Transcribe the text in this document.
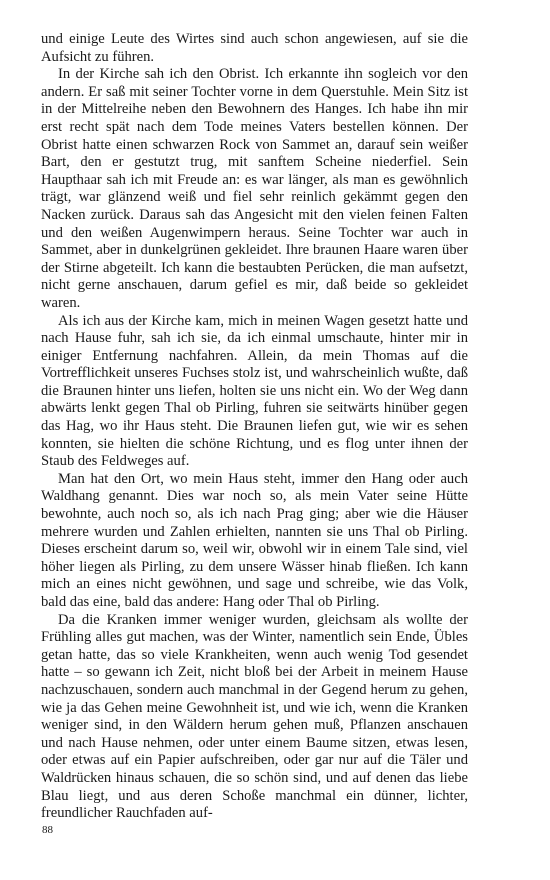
und einige Leute des Wirtes sind auch schon angewiesen, auf sie die Aufsicht zu führen.

In der Kirche sah ich den Obrist. Ich erkannte ihn sogleich vor den andern. Er saß mit seiner Tochter vorne in dem Querstuhle. Mein Sitz ist in der Mittelreihe neben den Bewohnern des Hanges. Ich habe ihn mir erst recht spät nach dem Tode meines Vaters bestellen können. Der Obrist hatte einen schwarzen Rock von Sammet an, darauf sein weißer Bart, den er gestutzt trug, mit sanftem Scheine niederfiel. Sein Haupthaar sah ich mit Freude an: es war länger, als man es gewöhnlich trägt, war glänzend weiß und fiel sehr reinlich gekämmt gegen den Nacken zurück. Daraus sah das Angesicht mit den vielen feinen Falten und den weißen Augenwimpern heraus. Seine Tochter war auch in Sammet, aber in dunkelgrünen gekleidet. Ihre braunen Haare waren über der Stirne abgeteilt. Ich kann die bestaubten Perücken, die man aufsetzt, nicht gerne anschauen, darum gefiel es mir, daß beide so gekleidet waren.

Als ich aus der Kirche kam, mich in meinen Wagen gesetzt hatte und nach Hause fuhr, sah ich sie, da ich einmal umschaute, hinter mir in einiger Entfernung nachfahren. Allein, da mein Thomas auf die Vortrefflichkeit unseres Fuchses stolz ist, und wahrscheinlich wußte, daß die Braunen hinter uns liefen, holten sie uns nicht ein. Wo der Weg dann abwärts lenkt gegen Thal ob Pirling, fuhren sie seitwärts hinüber gegen das Hag, wo ihr Haus steht. Die Braunen liefen gut, wie wir es sehen konnten, sie hielten die schöne Richtung, und es flog unter ihnen der Staub des Feldweges auf.

Man hat den Ort, wo mein Haus steht, immer den Hang oder auch Waldhang genannt. Dies war noch so, als mein Vater seine Hütte bewohnte, auch noch so, als ich nach Prag ging; aber wie die Häuser mehrere wurden und Zahlen erhielten, nannten sie uns Thal ob Pirling. Dieses erscheint darum so, weil wir, obwohl wir in einem Tale sind, viel höher liegen als Pirling, zu dem unsere Wässer hinab fließen. Ich kann mich an eines nicht gewöhnen, und sage und schreibe, wie das Volk, bald das eine, bald das andere: Hang oder Thal ob Pirling.

Da die Kranken immer weniger wurden, gleichsam als wollte der Frühling alles gut machen, was der Winter, namentlich sein Ende, Übles getan hatte, das so viele Krankheiten, wenn auch wenig Tod gesendet hatte – so gewann ich Zeit, nicht bloß bei der Arbeit in meinem Hause nachzuschauen, sondern auch manchmal in der Gegend herum zu gehen, wie ja das Gehen meine Gewohnheit ist, und wie ich, wenn die Kranken weniger sind, in den Wäldern herum gehen muß, Pflanzen anschauen und nach Hause nehmen, oder unter einem Baume sitzen, etwas lesen, oder etwas auf ein Papier aufschreiben, oder gar nur auf die Täler und Waldrücken hinaus schauen, die so schön sind, und auf denen das liebe Blau liegt, und aus deren Schoße manchmal ein dünner, lichter, freundlicher Rauchfaden auf-

88
